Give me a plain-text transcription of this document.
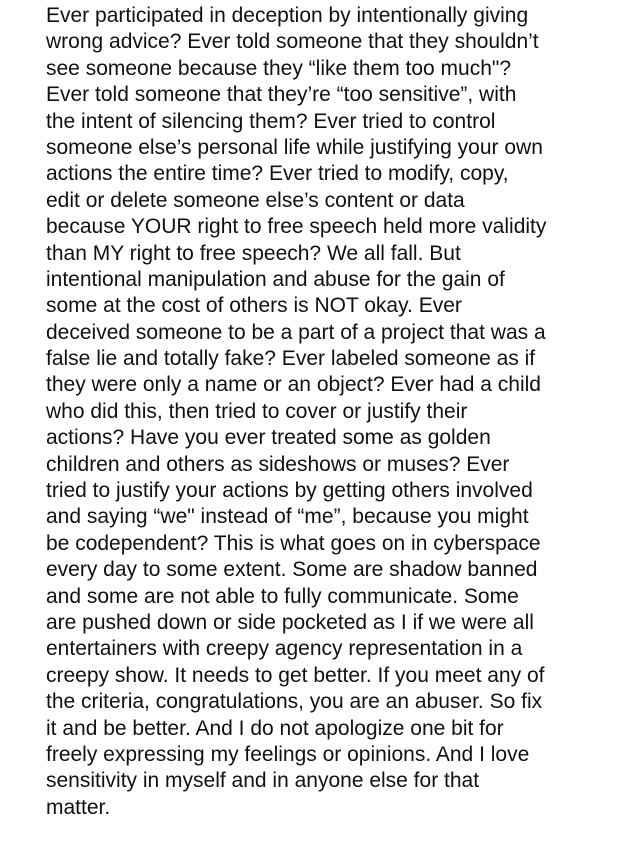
Ever participated in deception by intentionally giving
wrong advice? Ever told someone that they shouldn’t
see someone because they “like them too much"?
Ever told someone that they’re “too sensitive”, with
the intent of silencing them? Ever tried to control
someone else’s personal life while justifying your own
actions the entire time? Ever tried to modify, copy,
edit or delete someone else’s content or data
because YOUR right to free speech held more validity
than MY right to free speech? We all fall. But
intentional manipulation and abuse for the gain of
some at the cost of others is NOT okay. Ever
deceived someone to be a part of a project that was a
false lie and totally fake? Ever labeled someone as if
they were only a name or an object? Ever had a child
who did this, then tried to cover or justify their
actions? Have you ever treated some as golden
children and others as sideshows or muses? Ever
tried to justify your actions by getting others involved
and saying “we" instead of “me”, because you might
be codependent? This is what goes on in cyberspace
every day to some extent. Some are shadow banned
and some are not able to fully communicate. Some
are pushed down or side pocketed as I if we were all
entertainers with creepy agency representation in a
creepy show. It needs to get better. If you meet any of
the criteria, congratulations, you are an abuser. So fix
it and be better. And I do not apologize one bit for
freely expressing my feelings or opinions. And I love
sensitivity in myself and in anyone else for that
matter.
